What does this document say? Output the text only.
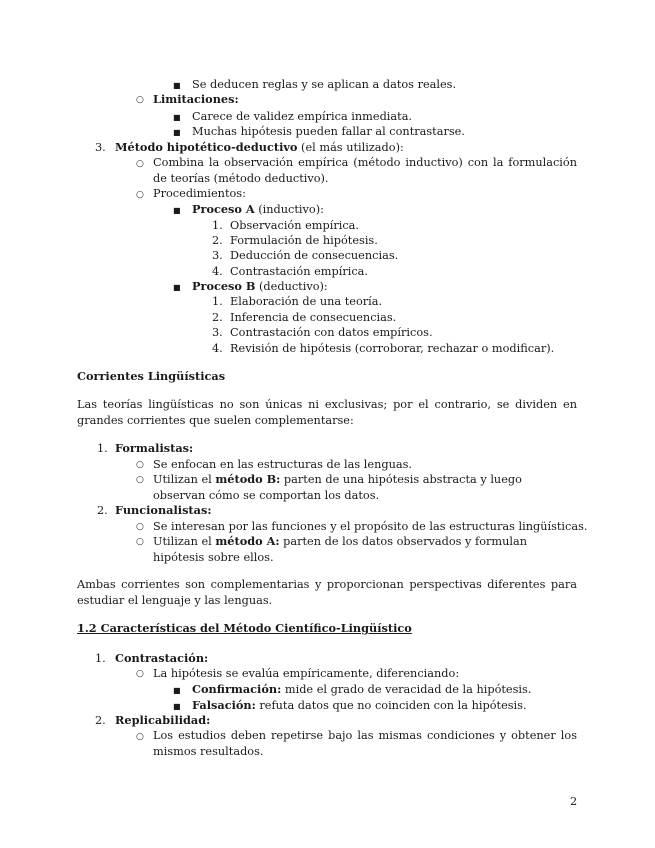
■ Se deducen reglas y se aplican a datos reales.
○ Limitaciones:
■ Carece de validez empírica inmediata.
■ Muchas hipótesis pueden fallar al contrastarse.
3. Método hipotético-deductivo (el más utilizado):
○ Combina la observación empírica (método inductivo) con la formulación de teorías (método deductivo).
○ Procedimientos:
■ Proceso A (inductivo):
1. Observación empírica.
2. Formulación de hipótesis.
3. Deducción de consecuencias.
4. Contrastación empírica.
■ Proceso B (deductivo):
1. Elaboración de una teoría.
2. Inferencia de consecuencias.
3. Contrastación con datos empíricos.
4. Revisión de hipótesis (corroborar, rechazar o modificar).
Corrientes Lingüísticas
Las teorías lingüísticas no son únicas ni exclusivas; por el contrario, se dividen en grandes corrientes que suelen complementarse:
1. Formalistas:
○ Se enfocan en las estructuras de las lenguas.
○ Utilizan el método B: parten de una hipótesis abstracta y luego observan cómo se comportan los datos.
2. Funcionalistas:
○ Se interesan por las funciones y el propósito de las estructuras lingüísticas.
○ Utilizan el método A: parten de los datos observados y formulan hipótesis sobre ellos.
Ambas corrientes son complementarias y proporcionan perspectivas diferentes para estudiar el lenguaje y las lenguas.
1.2 Características del Método Científico-Lingüístico
1. Contrastación:
○ La hipótesis se evalúa empíricamente, diferenciando:
■ Confirmación: mide el grado de veracidad de la hipótesis.
■ Falsación: refuta datos que no coinciden con la hipótesis.
2. Replicabilidad:
○ Los estudios deben repetirse bajo las mismas condiciones y obtener los mismos resultados.
2
